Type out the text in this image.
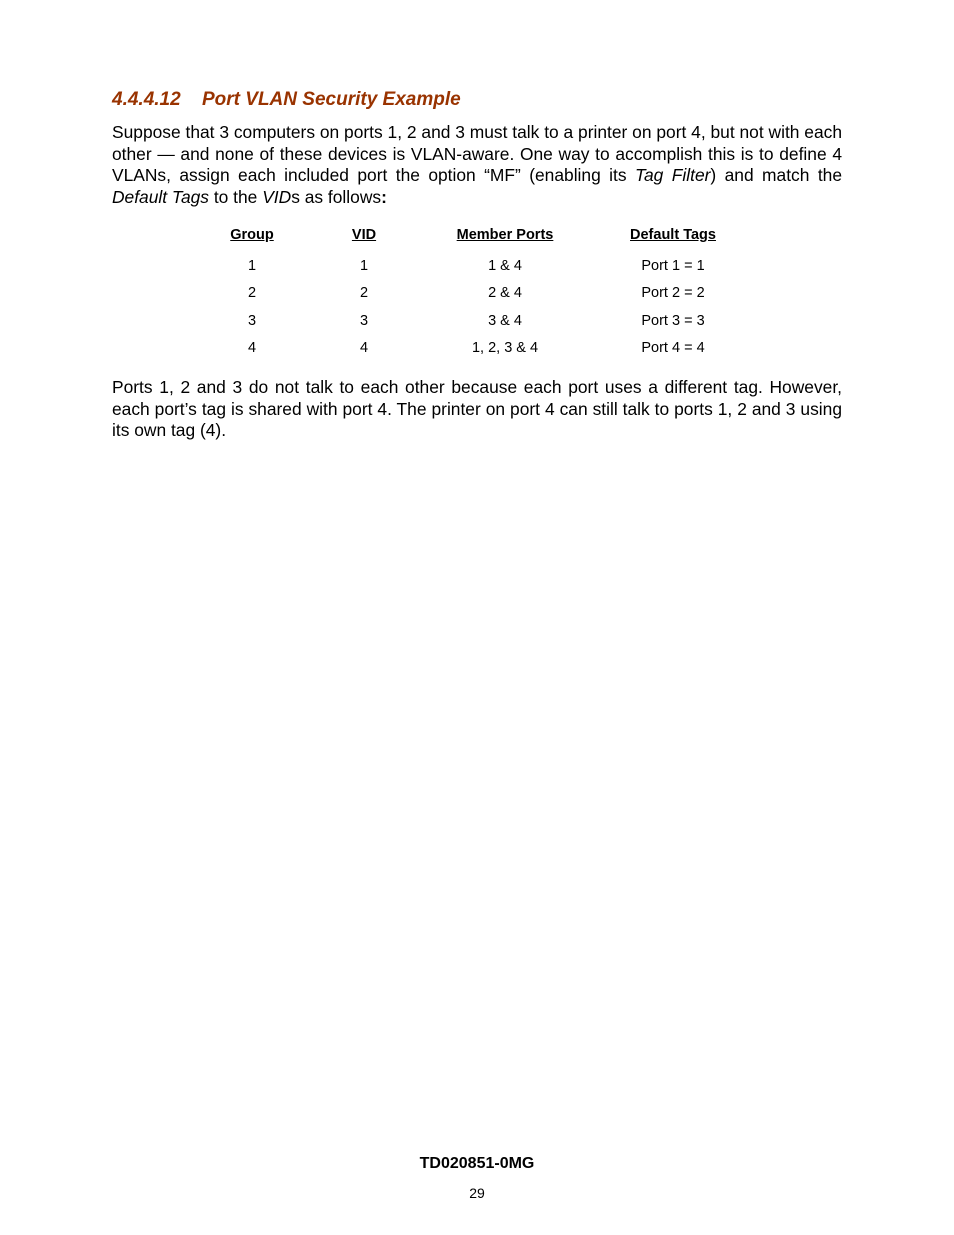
4.4.4.12 Port VLAN Security Example

Suppose that 3 computers on ports 1, 2 and 3 must talk to a printer on port 4, but not with each other — and none of these devices is VLAN-aware. One way to accomplish this is to define 4 VLANs, assign each included port the option “MF” (enabling its Tag Filter) and match the Default Tags to the VIDs as follows:

Group	VID	Member Ports	Default Tags
1	1	1 & 4	Port 1 = 1
2	2	2 & 4	Port 2 = 2
3	3	3 & 4	Port 3 = 3
4	4	1, 2, 3 & 4	Port 4 = 4

Ports 1, 2 and 3 do not talk to each other because each port uses a different tag. However, each port’s tag is shared with port 4. The printer on port 4 can still talk to ports 1, 2 and 3 using its own tag (4).

TD020851-0MG
29
